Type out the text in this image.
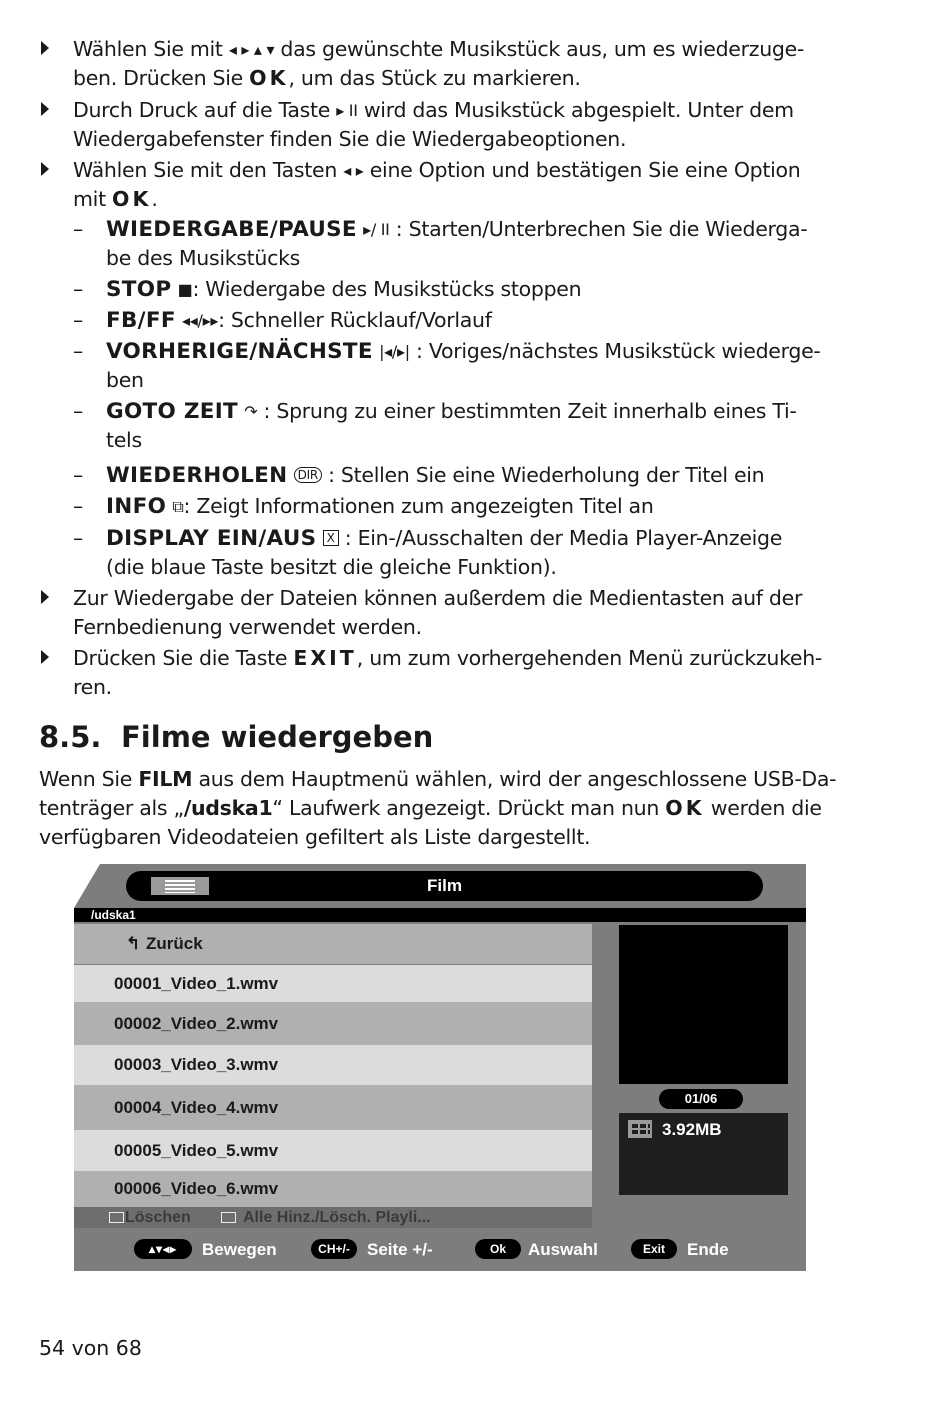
Wählen Sie mit ◂ ▸ ▴ ▾ das gewünschte Musikstück aus, um es wiederzuge-
ben. Drücken Sie OK, um das Stück zu markieren.
Durch Druck auf die Taste ▸ II wird das Musikstück abgespielt. Unter dem
Wiedergabefenster finden Sie die Wiedergabeoptionen.
Wählen Sie mit den Tasten ◂ ▸ eine Option und bestätigen Sie eine Option
mit OK.
– WIEDERGABE/PAUSE ▸/ II : Starten/Unterbrechen Sie die Wiederga-
be des Musikstücks
– STOP ■: Wiedergabe des Musikstücks stoppen
– FB/FF ◂◂/▸▸: Schneller Rücklauf/Vorlauf
– VORHERIGE/NÄCHSTE |◂/▸| : Voriges/nächstes Musikstück wiederge-
ben
– GOTO ZEIT ↷ : Sprung zu einer bestimmten Zeit innerhalb eines Ti-
tels
– WIEDERHOLEN DIR : Stellen Sie eine Wiederholung der Titel ein
– INFO ⧉: Zeigt Informationen zum angezeigten Titel an
– DISPLAY EIN/AUS X : Ein-/Ausschalten der Media Player-Anzeige
(die blaue Taste besitzt die gleiche Funktion).
Zur Wiedergabe der Dateien können außerdem die Medientasten auf der
Fernbedienung verwendet werden.
Drücken Sie die Taste EXIT, um zum vorhergehenden Menü zurückzukeh-
ren.
8.5. Filme wiedergeben
Wenn Sie FILM aus dem Hauptmenü wählen, wird der angeschlossene USB-Da-
tenträger als „/udska1“ Laufwerk angezeigt. Drückt man nun OK werden die
verfügbaren Videodateien gefiltert als Liste dargestellt.
Film
/udska1
↰ Zurück
00001_Video_1.wmv
00002_Video_2.wmv
00003_Video_3.wmv
00004_Video_4.wmv
00005_Video_5.wmv
00006_Video_6.wmv
01/06
3.92MB
Löschen	Alle Hinz./Lösch. Playli...
▴▾◂▸	Bewegen	CH+/-	Seite +/-	Ok	Auswahl	Exit	Ende
54 von 68
